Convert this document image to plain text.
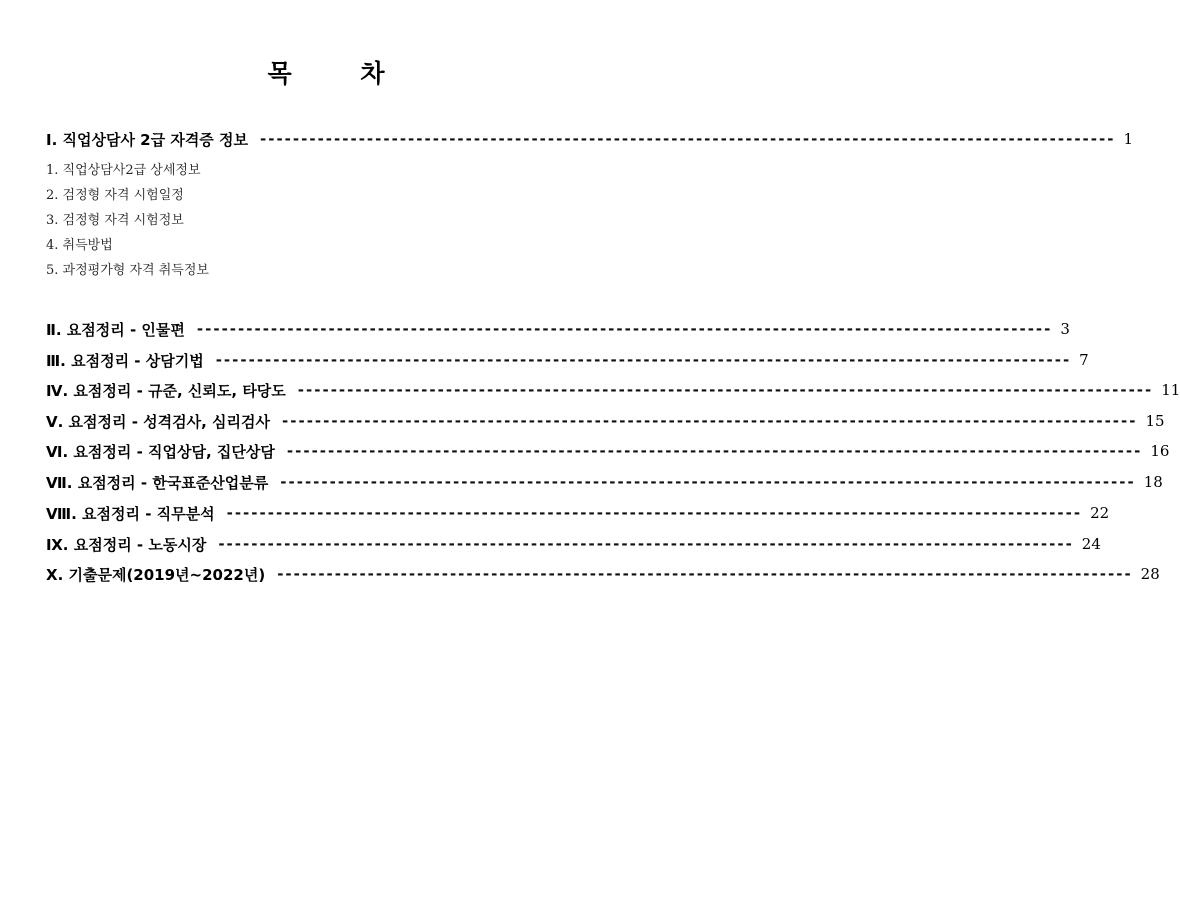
목 차
Ⅰ. 직업상담사 2급 자격증 정보 -------------------------------------------------------------------------------------------------------- 1
1. 직업상담사2급 상세정보
2. 검정형 자격 시험일정
3. 검정형 자격 시험정보
4. 취득방법
5. 과정평가형 자격 취득정보
Ⅱ. 요점정리 - 인물편 -------------------------------------------------------------------------------------------------------- 3
Ⅲ. 요점정리 - 상담기법 -------------------------------------------------------------------------------------------------------- 7
Ⅳ. 요점정리 - 규준, 신뢰도, 타당도 -------------------------------------------------------------------------------------------------------- 11
Ⅴ. 요점정리 - 성격검사, 심리검사 -------------------------------------------------------------------------------------------------------- 15
Ⅵ. 요점정리 - 직업상담, 집단상담 -------------------------------------------------------------------------------------------------------- 16
Ⅶ. 요점정리 - 한국표준산업분류 -------------------------------------------------------------------------------------------------------- 18
Ⅷ. 요점정리 - 직무분석 -------------------------------------------------------------------------------------------------------- 22
Ⅸ. 요점정리 - 노동시장 -------------------------------------------------------------------------------------------------------- 24
Ⅹ. 기출문제(2019년~2022년) -------------------------------------------------------------------------------------------------------- 28
